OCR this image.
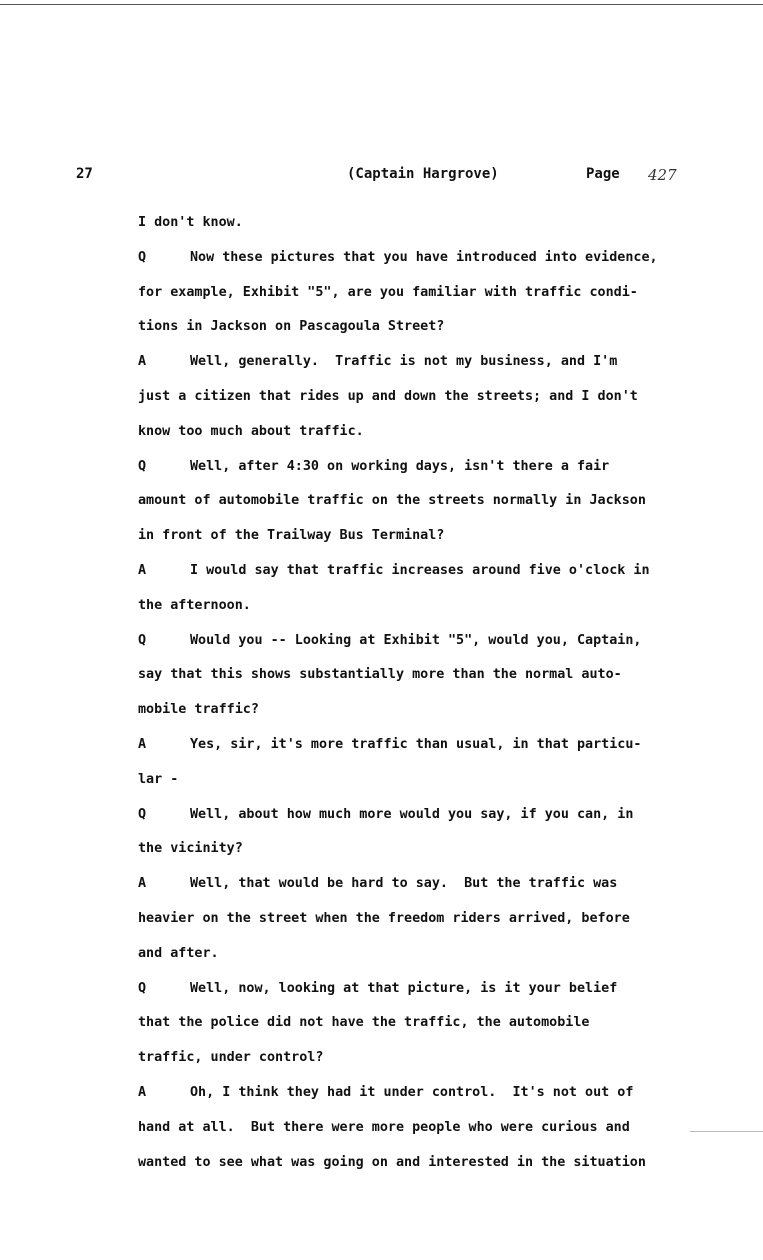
27	(Captain Hargrove)	Page 427
I don't know.
Q	Now these pictures that you have introduced into evidence,
for example, Exhibit "5", are you familiar with traffic condi-
tions in Jackson on Pascagoula Street?
A	Well, generally.  Traffic is not my business, and I'm
just a citizen that rides up and down the streets; and I don't
know too much about traffic.
Q	Well, after 4:30 on working days, isn't there a fair
amount of automobile traffic on the streets normally in Jackson
in front of the Trailway Bus Terminal?
A	I would say that traffic increases around five o'clock in
the afternoon.
Q	Would you -- Looking at Exhibit "5", would you, Captain,
say that this shows substantially more than the normal auto-
mobile traffic?
A	Yes, sir, it's more traffic than usual, in that particu-
lar -
Q	Well, about how much more would you say, if you can, in
the vicinity?
A	Well, that would be hard to say.  But the traffic was
heavier on the street when the freedom riders arrived, before
and after.
Q	Well, now, looking at that picture, is it your belief
that the police did not have the traffic, the automobile
traffic, under control?
A	Oh, I think they had it under control.  It's not out of
hand at all.  But there were more people who were curious and
wanted to see what was going on and interested in the situation
